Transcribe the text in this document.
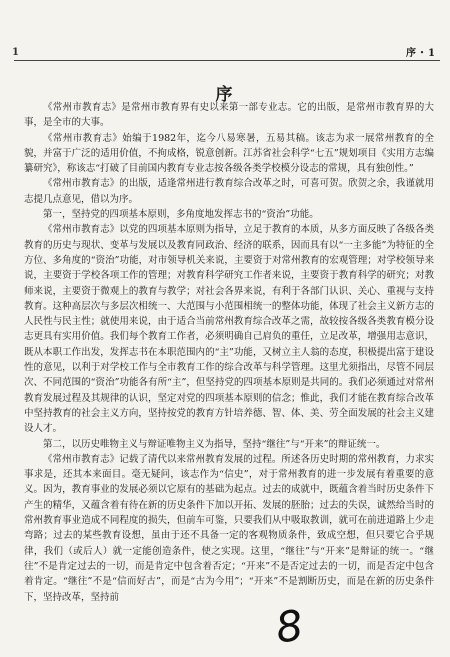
1	序・1
序

《常州市教育志》是常州市教育界有史以来第一部专业志。它的出版，是常州市教育界的大事，是全市的大事。

《常州市教育志》始编于1982年，迄今八易寒暑，五易其稿。该志为求一展常州教育的全貌，并富于广泛的适用价值，不拘成格，锐意创新。江苏省社会科学“七五”规划项目《实用方志编纂研究》，称该志“打破了目前国内教育专业志按各级各类学校模分设志的常规，具有独创性。”

《常州市教育志》的出版，适逢常州进行教育综合改革之时，可喜可贺。欣贺之余，我谨就用志提几点意见，借以为序。

第一，坚持党的四项基本原则，多角度地发挥志书的“资治”功能。

《常州市教育志》以党的四项基本原则为指导，立足于教育的本质，从多方面反映了各级各类教育的历史与现状、变革与发展以及教育同政治、经济的联系，因而具有以“一主多能”为特征的全方位、多角度的“资治”功能，对市领导机关来说，主要资于对常州教育的宏观管理；对学校领导来说，主要资于学校各项工作的管理；对教育科学研究工作者来说，主要资于教育科学的研究；对教师来说，主要资于微观上的教育与教学；对社会各界来说，有利于各部门认识、关心、重视与支持教育。这种高层次与多层次相统一、大范围与小范围相统一的整体功能，体现了社会主义新方志的人民性与民主性；就使用来说，由于适合当前常州教育综合改革之需，故较按各级各类教育模分设志更具有实用价值。我们每个教育工作者，必须明确自己肩负的重任，立足改革，增强用志意识，既从本职工作出发，发挥志书在本职范围内的“主”功能，又树立主人翁的态度，积极提出富于建设性的意见，以利于对学校工作与全市教育工作的综合改革与科学管理。这里尤须指出，尽管不同层次、不同范围的“资治”功能各有所“主”，但坚持党的四项基本原则是共同的。我们必须通过对常州教育发展过程及其规律的认识，坚定对党的四项基本原则的信念；惟此，我们才能在教育综合改革中坚持教育的社会主义方向，坚持按党的教育方针培养德、智、体、美、劳全面发展的社会主义建设人才。

第二，以历史唯物主义与辩证唯物主义为指导，坚持“继往”与“开来”的辩证统一。

《常州市教育志》记载了清代以来常州教育发展的过程。所述各历史时期的常州教育，力求实事求是，还其本来面目。毫无疑问，该志作为“信史”，对于常州教育的进一步发展有着重要的意义。因为，教育事业的发展必须以它原有的基础为起点。过去的成就中，既蕴含着当时历史条件下产生的精华，又蕴含着有待在新的历史条件下加以开拓、发展的胚胎；过去的失误，诚然给当时的常州教育事业造成不同程度的损失，但前车可鉴，只要我们从中吸取教训，就可在前进道路上少走弯路；过去的某些教育设想，虽由于还不具备一定的客观物质条件，致成空想，但只要它合乎规律，我们（或后人）就一定能创造条件，使之实现。这里，“继往”与“开来”是辩证的统一。“继往”不是肯定过去的一切，而是肯定中包含着否定；“开来”不是否定过去的一切，而是否定中包含着肯定。“继往”不是“信而好古”，而是“古为今用”；“开来”不是割断历史，而是在新的历史条件下，坚持改革，坚持前

8
